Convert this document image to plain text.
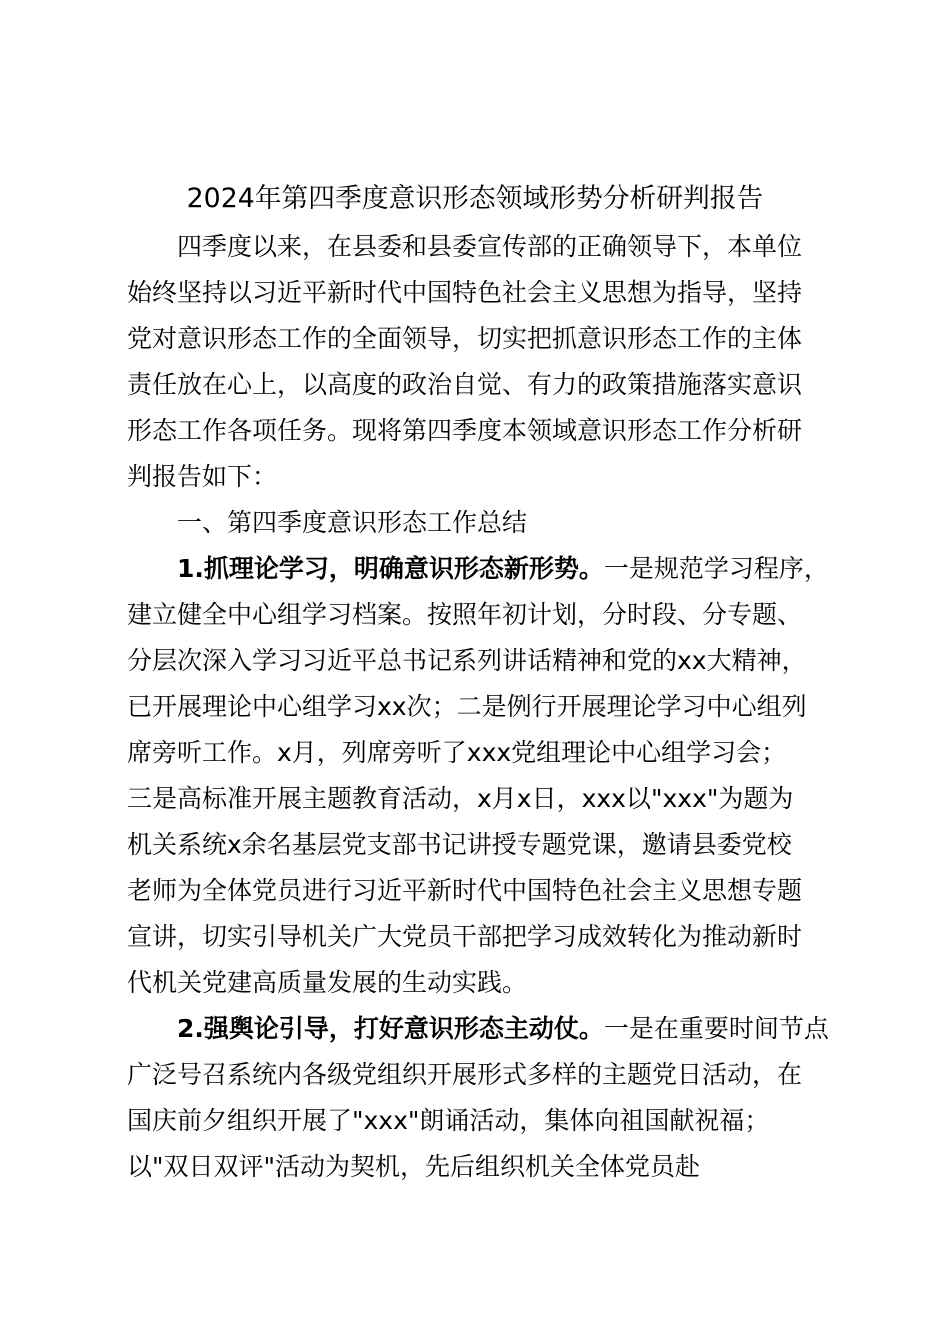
2024年第四季度意识形态领域形势分析研判报告
四季度以来，在县委和县委宣传部的正确领导下，本单位
始终坚持以习近平新时代中国特色社会主义思想为指导，坚持
党对意识形态工作的全面领导，切实把抓意识形态工作的主体
责任放在心上，以高度的政治自觉、有力的政策措施落实意识
形态工作各项任务。现将第四季度本领域意识形态工作分析研
判报告如下：
一、第四季度意识形态工作总结
1.抓理论学习，明确意识形态新形势。一是规范学习程序，
建立健全中心组学习档案。按照年初计划，分时段、分专题、
分层次深入学习习近平总书记系列讲话精神和党的xx大精神，
已开展理论中心组学习xx次；二是例行开展理论学习中心组列
席旁听工作。x月，列席旁听了xxx党组理论中心组学习会；
三是高标准开展主题教育活动，x月x日，xxx以"xxx"为题为
机关系统x余名基层党支部书记讲授专题党课，邀请县委党校
老师为全体党员进行习近平新时代中国特色社会主义思想专题
宣讲，切实引导机关广大党员干部把学习成效转化为推动新时
代机关党建高质量发展的生动实践。
2.强舆论引导，打好意识形态主动仗。一是在重要时间节点
广泛号召系统内各级党组织开展形式多样的主题党日活动，在
国庆前夕组织开展了"xxx"朗诵活动，集体向祖国献祝福；
以"双日双评"活动为契机，先后组织机关全体党员赴
